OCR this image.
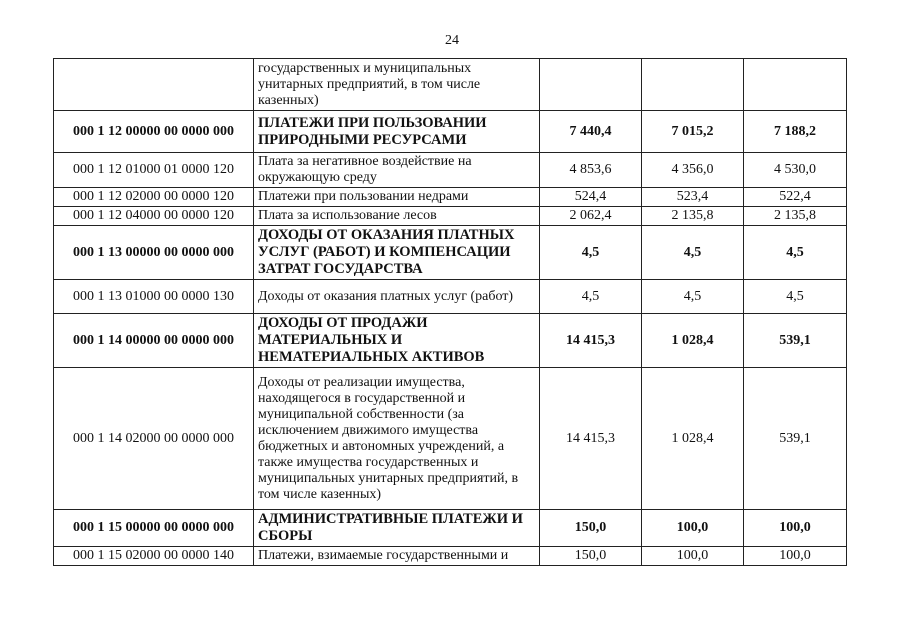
24
	государственных и муниципальных унитарных предприятий, в том числе казенных)			
000 1 12 00000 00 0000 000	ПЛАТЕЖИ ПРИ ПОЛЬЗОВАНИИ ПРИРОДНЫМИ РЕСУРСАМИ	7 440,4	7 015,2	7 188,2
000 1 12 01000 01 0000 120	Плата за негативное воздействие на окружающую среду	4 853,6	4 356,0	4 530,0
000 1 12 02000 00 0000 120	Платежи при пользовании недрами	524,4	523,4	522,4
000 1 12 04000 00 0000 120	Плата за использование лесов	2 062,4	2 135,8	2 135,8
000 1 13 00000 00 0000 000	ДОХОДЫ ОТ ОКАЗАНИЯ ПЛАТНЫХ УСЛУГ (РАБОТ) И КОМПЕНСАЦИИ ЗАТРАТ ГОСУДАРСТВА	4,5	4,5	4,5
000 1 13 01000 00 0000 130	Доходы от оказания платных услуг (работ)	4,5	4,5	4,5
000 1 14 00000 00 0000 000	ДОХОДЫ ОТ ПРОДАЖИ МАТЕРИАЛЬНЫХ И НЕМАТЕРИАЛЬНЫХ АКТИВОВ	14 415,3	1 028,4	539,1
000 1 14 02000 00 0000 000	Доходы от реализации имущества, находящегося в государственной и муниципальной собственности (за исключением движимого имущества бюджетных и автономных учреждений, а также имущества государственных и муниципальных унитарных предприятий, в том числе казенных)	14 415,3	1 028,4	539,1
000 1 15 00000 00 0000 000	АДМИНИСТРАТИВНЫЕ ПЛАТЕЖИ И СБОРЫ	150,0	100,0	100,0
000 1 15 02000 00 0000 140	Платежи, взимаемые государственными и	150,0	100,0	100,0
